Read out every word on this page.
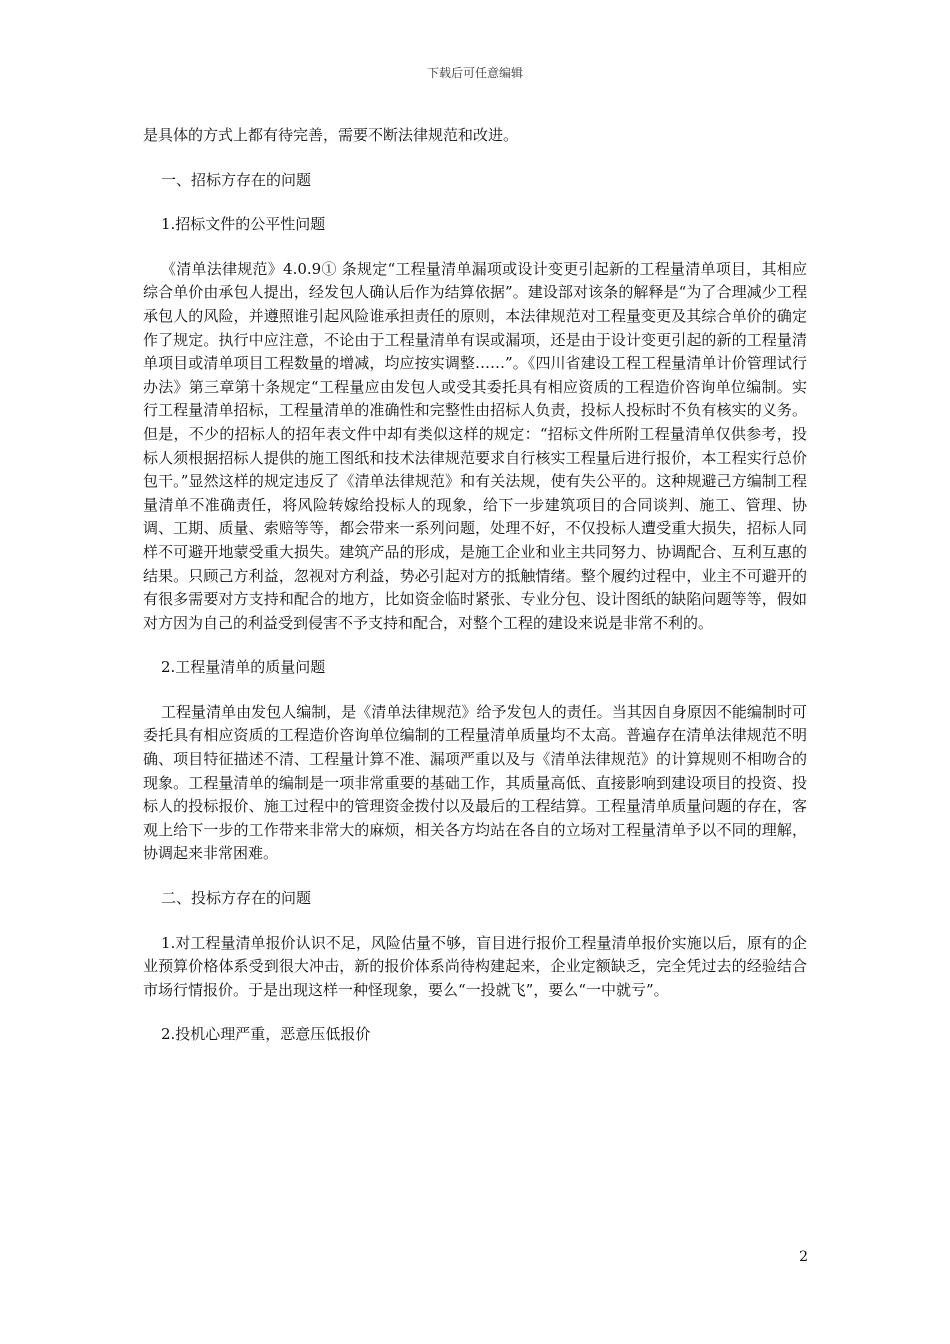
下载后可任意编辑

是具体的方式上都有待完善，需要不断法律规范和改进。

一、招标方存在的问题

1.招标文件的公平性问题

《清单法律规范》4.0.9① 条规定“工程量清单漏项或设计变更引起新的工程量清单项目，其相应综合单价由承包人提出，经发包人确认后作为结算依据”。建设部对该条的解释是“为了合理减少工程承包人的风险，并遵照谁引起风险谁承担责任的原则，本法律规范对工程量变更及其综合单价的确定作了规定。执行中应注意，不论由于工程量清单有误或漏项，还是由于设计变更引起的新的工程量清单项目或清单项目工程数量的增减，均应按实调整……”。《四川省建设工程工程量清单计价管理试行办法》第三章第十条规定“工程量应由发包人或受其委托具有相应资质的工程造价咨询单位编制。实行工程量清单招标，工程量清单的准确性和完整性由招标人负责，投标人投标时不负有核实的义务。但是，不少的招标人的招年表文件中却有类似这样的规定：“招标文件所附工程量清单仅供参考，投标人须根据招标人提供的施工图纸和技术法律规范要求自行核实工程量后进行报价，本工程实行总价包干。”显然这样的规定违反了《清单法律规范》和有关法规，使有失公平的。这种规避己方编制工程量清单不准确责任，将风险转嫁给投标人的现象，给下一步建筑项目的合同谈判、施工、管理、协调、工期、质量、索赔等等，都会带来一系列问题，处理不好，不仅投标人遭受重大损失，招标人同样不可避开地蒙受重大损失。建筑产品的形成，是施工企业和业主共同努力、协调配合、互利互惠的结果。只顾己方利益，忽视对方利益，势必引起对方的抵触情绪。整个履约过程中，业主不可避开的有很多需要对方支持和配合的地方，比如资金临时紧张、专业分包、设计图纸的缺陷问题等等，假如对方因为自己的利益受到侵害不予支持和配合，对整个工程的建设来说是非常不利的。

2.工程量清单的质量问题

工程量清单由发包人编制，是《清单法律规范》给予发包人的责任。当其因自身原因不能编制时可委托具有相应资质的工程造价咨询单位编制的工程量清单质量均不太高。普遍存在清单法律规范不明确、项目特征描述不清、工程量计算不准、漏项严重以及与《清单法律规范》的计算规则不相吻合的现象。工程量清单的编制是一项非常重要的基础工作，其质量高低、直接影响到建设项目的投资、投标人的投标报价、施工过程中的管理资金拨付以及最后的工程结算。工程量清单质量问题的存在，客观上给下一步的工作带来非常大的麻烦，相关各方均站在各自的立场对工程量清单予以不同的理解，协调起来非常困难。

二、投标方存在的问题

1.对工程量清单报价认识不足，风险估量不够，盲目进行报价工程量清单报价实施以后，原有的企业预算价格体系受到很大冲击，新的报价体系尚待构建起来，企业定额缺乏，完全凭过去的经验结合市场行情报价。于是出现这样一种怪现象，要么“一投就飞”，要么“一中就亏”。

2.投机心理严重，恶意压低报价

2
